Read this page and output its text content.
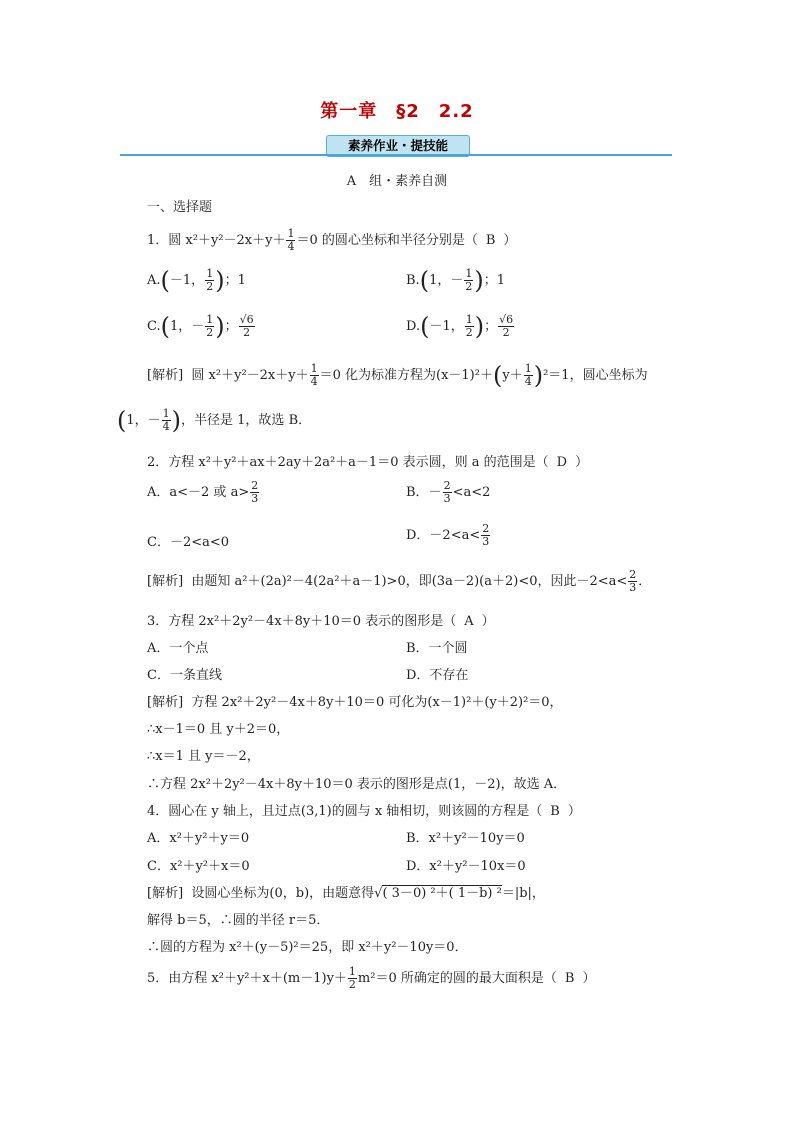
第一章　§2　2.2
素养作业・提技能
A　组・素养自测
一、选择题
1．圆 $x^2+y^2-2x+y+ \frac{1}{4} =0$ 的圆心坐标和半径分别是（ B ）
A.(－1， $\frac{1}{2}$ )；1	B.(1，－ $\frac{1}{2}$ )；1
C.(1，－ $\frac{1}{2}$ )； $\frac{√6}{2}$	D.(－1， $\frac{1}{2}$ )； $\frac{√6}{2}$
[解析] 圆 $x^2+y^2-2x+y+ \frac{1}{4} =0$ 化为标准方程为$(x-1)^2+(y+ \frac{1}{4} )^2=1$，圆心坐标为
(1，－ $\frac{1}{4}$ )，半径是 1，故选 B．
2．方程 x²＋y²＋ax＋2ay＋2a²＋a－1＝0 表示圆，则 a 的范围是（ D ）
A．a<－2 或 $a> \frac{2}{3}$	B．－ $\frac{2}{3} <a<2$
C．－2<a<0	D．$-2<a< \frac{2}{3}$
[解析] 由题知 a²＋(2a)²－4(2a²＋a－1)>0，即(3a－2)(a＋2)<0，因此$-2<a< \frac{2}{3}$ ．
3．方程 2x²＋2y²－4x＋8y＋10＝0 表示的图形是（ A ）
A．一个点	B．一个圆
C．一条直线	D．不存在
[解析] 方程 2x²＋2y²－4x＋8y＋10＝0 可化为(x－1)²＋(y＋2)²＝0，
∴x－1＝0 且 y＋2＝0，
∴x＝1 且 y＝－2，
∴方程 2x²＋2y²－4x＋8y＋10＝0 表示的图形是点(1，－2)，故选 A．
4．圆心在 y 轴上，且过点(3,1)的圆与 x 轴相切，则该圆的方程是（ B ）
A．x²＋y²＋y＝0	B．x²＋y²－10y＝0
C．x²＋y²＋x＝0	D．x²＋y²－10x＝0
[解析] 设圆心坐标为(0，b)，由题意得√( 3－0) ²＋( 1－b) ²＝|b|，
解得 b＝5，∴圆的半径 r＝5．
∴圆的方程为 x²＋(y－5)²＝25，即 x²＋y²－10y＝0．
5．由方程 $x^2+y^2+x+(m-1)y+ \frac{1}{2} m^2=0$ 所确定的圆的最大面积是（ B ）
